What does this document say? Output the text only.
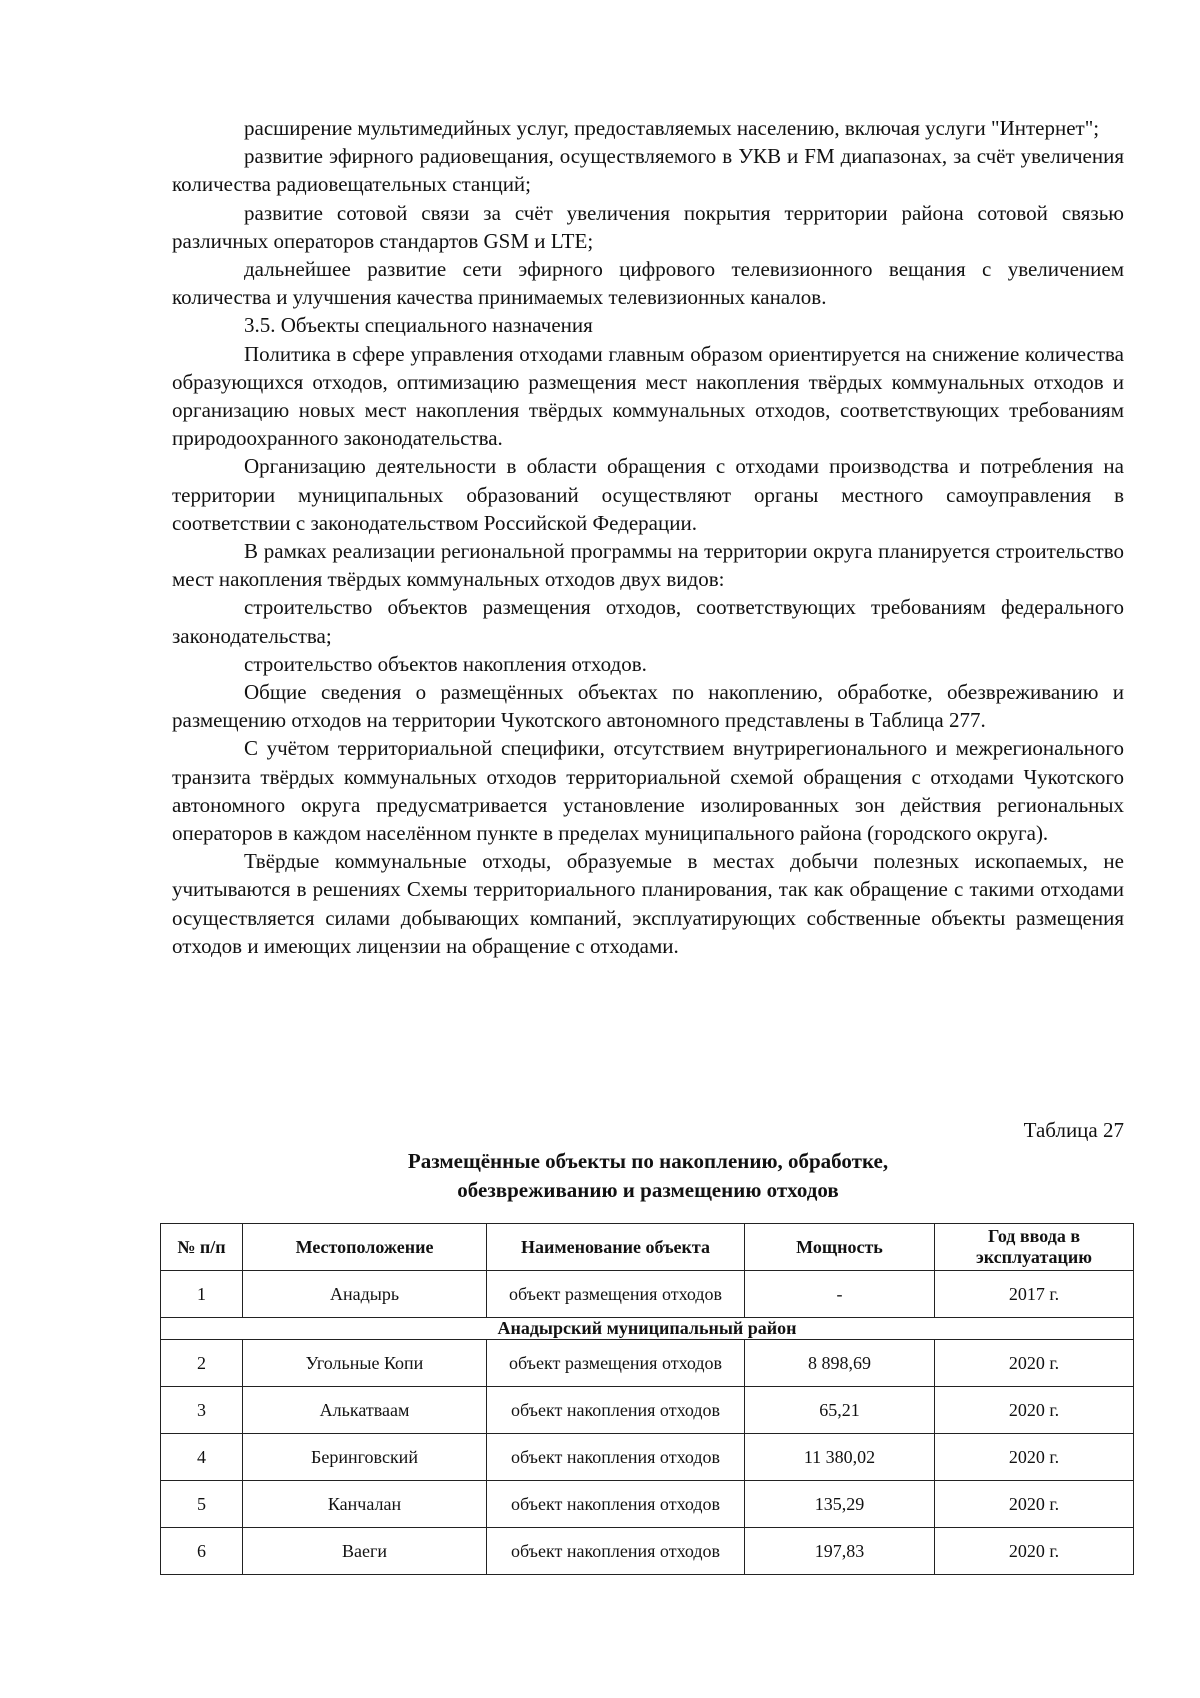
расширение мультимедийных услуг, предоставляемых населению, включая услуги "Интернет";

развитие эфирного радиовещания, осуществляемого в УКВ и FM диапазонах, за счёт увеличения количества радиовещательных станций;

развитие сотовой связи за счёт увеличения покрытия территории района сотовой связью различных операторов стандартов GSM и LTE;

дальнейшее развитие сети эфирного цифрового телевизионного вещания с увеличением количества и улучшения качества принимаемых телевизионных каналов.

3.5. Объекты специального назначения

Политика в сфере управления отходами главным образом ориентируется на снижение количества образующихся отходов, оптимизацию размещения мест накопления твёрдых коммунальных отходов и организацию новых мест накопления твёрдых коммунальных отходов, соответствующих требованиям природоохранного законодательства.

Организацию деятельности в области обращения с отходами производства и потребления на территории муниципальных образований осуществляют органы местного самоуправления в соответствии с законодательством Российской Федерации.

В рамках реализации региональной программы на территории округа планируется строительство мест накопления твёрдых коммунальных отходов двух видов:

строительство объектов размещения отходов, соответствующих требованиям федерального законодательства;

строительство объектов накопления отходов.

Общие сведения о размещённых объектах по накоплению, обработке, обезвреживанию и размещению отходов на территории Чукотского автономного представлены в Таблица 277.

С учётом территориальной специфики, отсутствием внутрирегионального и межрегионального транзита твёрдых коммунальных отходов территориальной схемой обращения с отходами Чукотского автономного округа предусматривается установление изолированных зон действия региональных операторов в каждом населённом пункте в пределах муниципального района (городского округа).

Твёрдые коммунальные отходы, образуемые в местах добычи полезных ископаемых, не учитываются в решениях Схемы территориального планирования, так как обращение с такими отходами осуществляется силами добывающих компаний, эксплуатирующих собственные объекты размещения отходов и имеющих лицензии на обращение с отходами.

Таблица 27

Размещённые объекты по накоплению, обработке,
обезвреживанию и размещению отходов
№ п/п	Местоположение	Наименование объекта	Мощность	Год ввода в эксплуатацию
1	Анадырь	объект размещения отходов	-	2017 г.
Анадырский муниципальный район				
2	Угольные Копи	объект размещения отходов	8 898,69	2020 г.
3	Алькатваам	объект накопления отходов	65,21	2020 г.
4	Беринговский	объект накопления отходов	11 380,02	2020 г.
5	Канчалан	объект накопления отходов	135,29	2020 г.
6	Ваеги	объект накопления отходов	197,83	2020 г.
